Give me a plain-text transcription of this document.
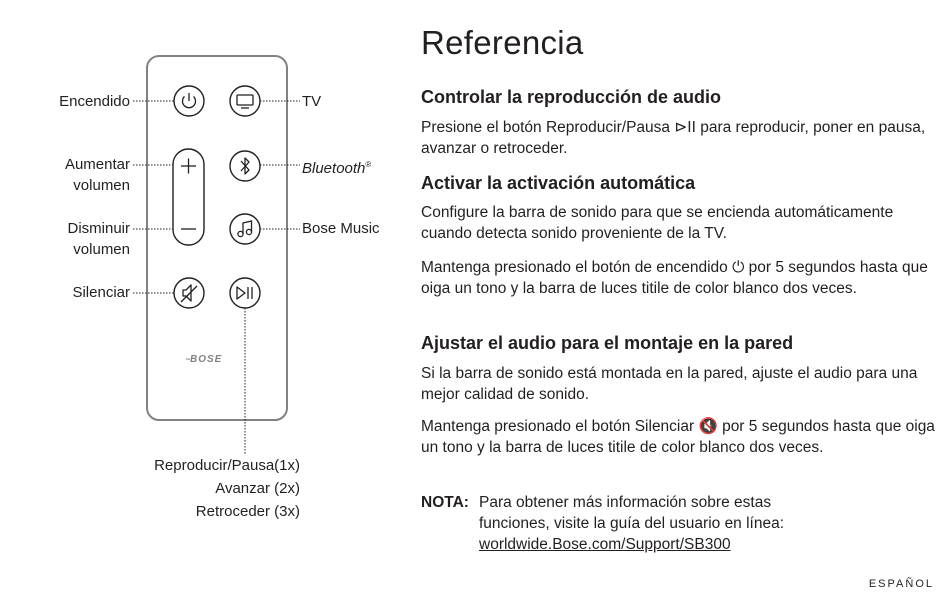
BOSE
Encendido	TV
Aumentar
volumen
Bluetooth®
Disminuir
volumen
Bose Music
Silenciar
Reproducir/Pausa(1x)
Avanzar (2x)
Retroceder (3x)
Referencia
Controlar la reproducción de audio

Presione el botón Reproducir/Pausa ⊳II para reproducir, poner en pausa, avanzar o retroceder.

Activar la activación automática

Configure la barra de sonido para que se encienda automáticamente cuando detecta sonido proveniente de la TV.

Mantenga presionado el botón de encendido ⏻ por 5 segundos hasta que oiga un tono y la barra de luces titile de color blanco dos veces.

Ajustar el audio para el montaje en la pared

Si la barra de sonido está montada en la pared, ajuste el audio para una mejor calidad de sonido.

Mantenga presionado el botón Silenciar 🔇 por 5 segundos hasta que oiga un tono y la barra de luces titile de color blanco dos veces.

NOTA: Para obtener más información sobre estas funciones, visite la guía del usuario en línea:
worldwide.Bose.com/Support/SB300
ESPAÑOL
